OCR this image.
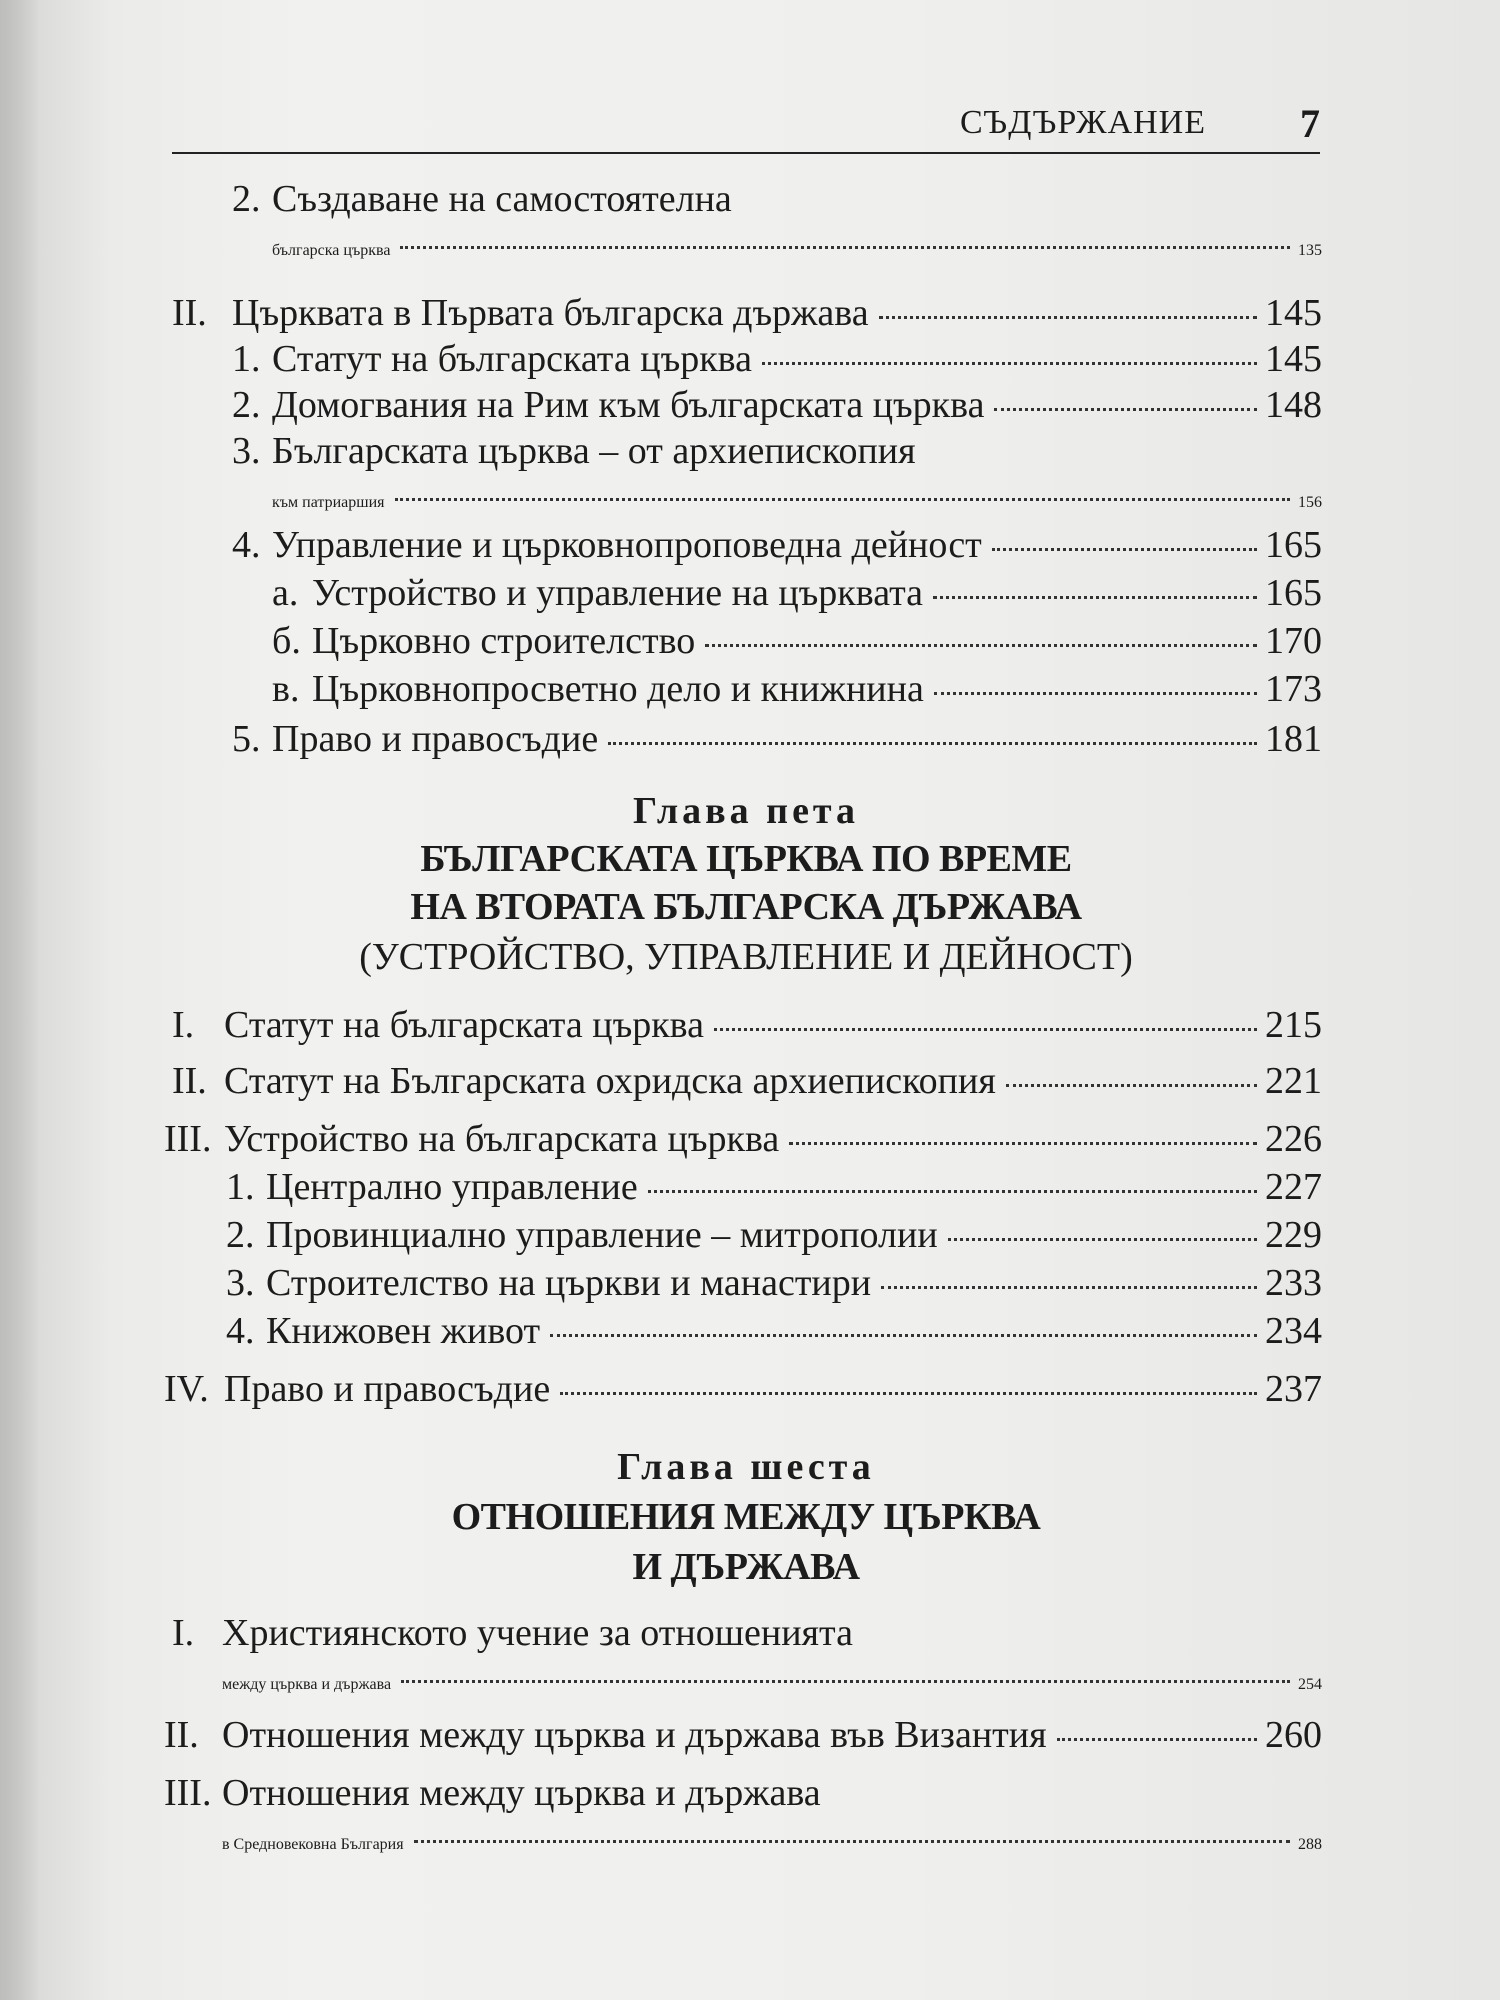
СЪДЪРЖАНИЕ 7
2. Създаване на самостоятелна
българска църква	135
II. Църквата в Първата българска държава	145
1. Статут на българската църква	145
2. Домогвания на Рим към българската църква	148
3. Българската църква – от архиепископия
към патриаршия	156
4. Управление и църковнопроповедна дейност	165
а. Устройство и управление на църквата	165
б. Църковно строителство	170
в. Църковнопросветно дело и книжнина	173
5. Право и правосъдие	181
Глава пета
БЪЛГАРСКАТА ЦЪРКВА ПО ВРЕМЕ
НА ВТОРАТА БЪЛГАРСКА ДЪРЖАВА
(УСТРОЙСТВО, УПРАВЛЕНИЕ И ДЕЙНОСТ)
I. Статут на българската църква	215
II. Статут на Българската охридска архиепископия	221
III. Устройство на българската църква	226
1. Централно управление	227
2. Провинциално управление – митрополии	229
3. Строителство на църкви и манастири	233
4. Книжовен живот	234
IV. Право и правосъдие	237
Глава шеста
ОТНОШЕНИЯ МЕЖДУ ЦЪРКВА
И ДЪРЖАВА
I. Християнското учение за отношенията
между църква и държава	254
II. Отношения между църква и държава във Византия	260
III. Отношения между църква и държава
в Средновековна България	288
